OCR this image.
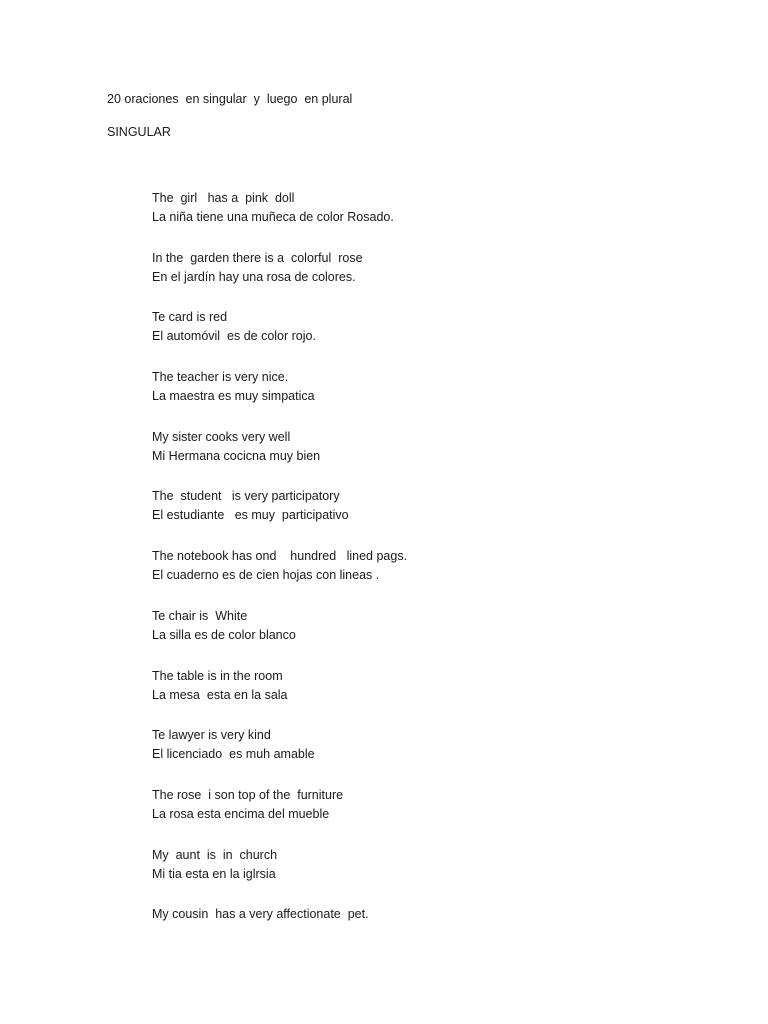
20 oraciones  en singular  y  luego  en plural
SINGULAR
The  girl   has a  pink  doll
La niña tiene una muñeca de color Rosado.
In the  garden there is a  colorful  rose
En el jardín hay una rosa de colores.
Te card is red
El automóvil  es de color rojo.
The teacher is very nice.
La maestra es muy simpatica
My sister cooks very well
Mi Hermana cocicna muy bien
The  student   is very participatory
El estudiante   es muy  participativo
The notebook has ond    hundred   lined pags.
El cuaderno es de cien hojas con lineas .
Te chair is  White
La silla es de color blanco
The table is in the room
La mesa  esta en la sala
Te lawyer is very kind
El licenciado  es muh amable
The rose  i son top of the  furniture
La rosa esta encima del mueble
My  aunt  is  in  church
Mi tia esta en la iglrsia
My cousin  has a very affectionate  pet.
